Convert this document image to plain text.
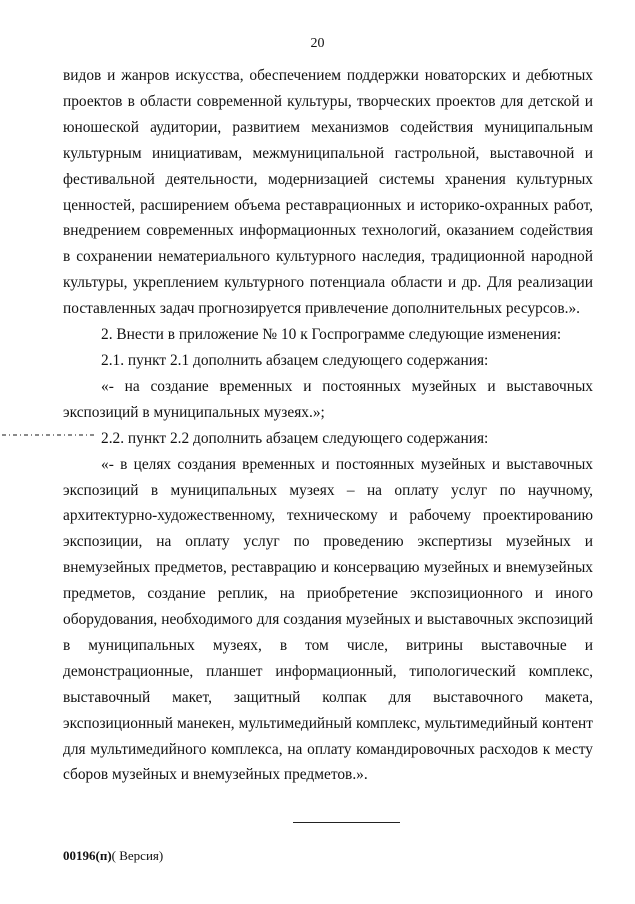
20

видов и жанров искусства, обеспечением поддержки новаторских и дебютных проектов в области современной культуры, творческих проектов для детской и юношеской аудитории, развитием механизмов содействия муниципальным культурным инициативам, межмуниципальной гастрольной, выставочной и фестивальной деятельности, модернизацией системы хранения культурных ценностей, расширением объема реставрационных и историко-охранных работ, внедрением современных информационных технологий, оказанием содействия в сохранении нематериального культурного наследия, традиционной народной культуры, укреплением культурного потенциала области и др. Для реализации поставленных задач прогнозируется привлечение дополнительных ресурсов.».

2. Внести в приложение № 10 к Госпрограмме следующие изменения:

2.1. пункт 2.1 дополнить абзацем следующего содержания:

«- на создание временных и постоянных музейных и выставочных экспозиций в муниципальных музеях.»;

2.2. пункт 2.2 дополнить абзацем следующего содержания:

«- в целях создания временных и постоянных музейных и выставочных экспозиций в муниципальных музеях – на оплату услуг по научному, архитектурно-художественному, техническому и рабочему проектированию экспозиции, на оплату услуг по проведению экспертизы музейных и внемузейных предметов, реставрацию и консервацию музейных и внемузейных предметов, создание реплик, на приобретение экспозиционного и иного оборудования, необходимого для создания музейных и выставочных экспозиций в муниципальных музеях, в том числе, витрины выставочные и демонстрационные, планшет информационный, типологический комплекс, выставочный макет, защитный колпак для выставочного макета, экспозиционный манекен, мультимедийный комплекс, мультимедийный контент для мультимедийного комплекса, на оплату командировочных расходов к месту сборов музейных и внемузейных предметов.».

00196(п)( Версия)
